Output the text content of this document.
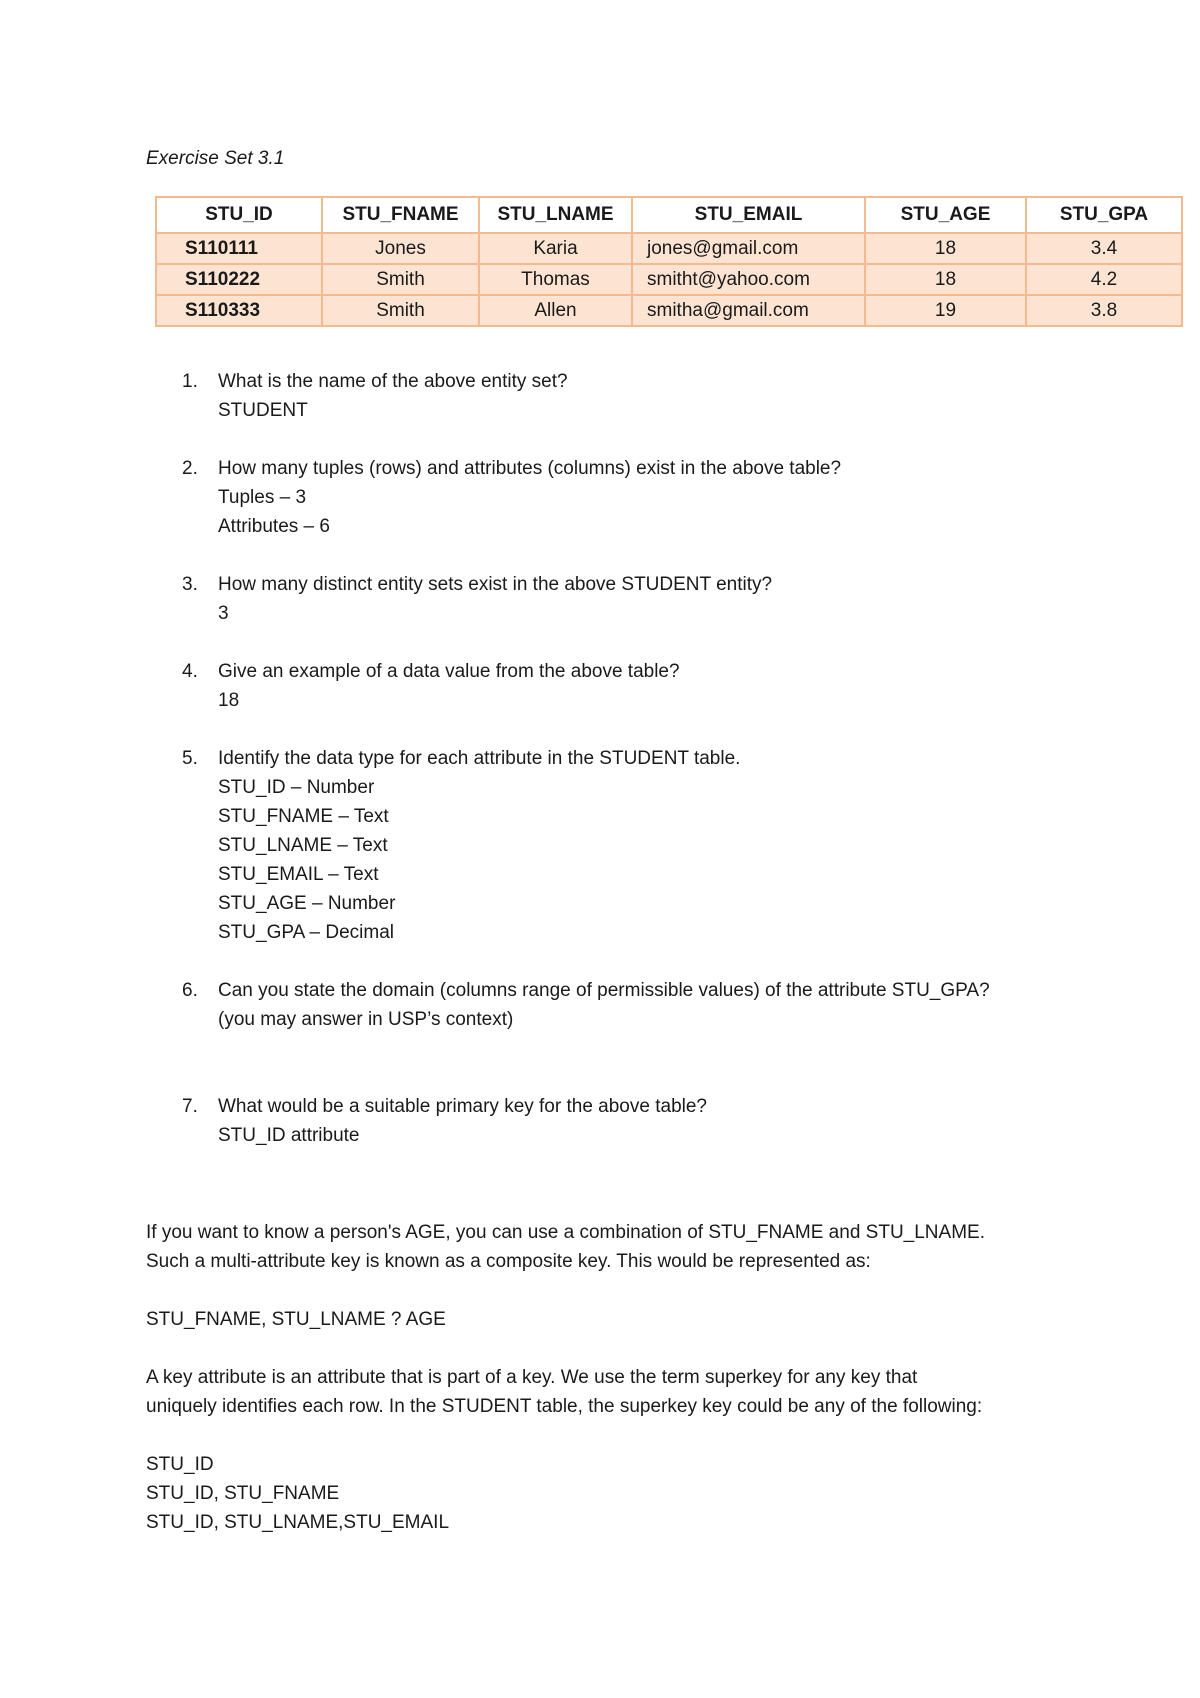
Exercise Set 3.1
STU_ID	STU_FNAME	STU_LNAME	STU_EMAIL	STU_AGE	STU_GPA
S110111	Jones	Karia	jones@gmail.com	18	3.4
S110222	Smith	Thomas	smitht@yahoo.com	18	4.2
S110333	Smith	Allen	smitha@gmail.com	19	3.8
1. What is the name of the above entity set?
STUDENT
2. How many tuples (rows) and attributes (columns) exist in the above table?
Tuples – 3
Attributes – 6
3. How many distinct entity sets exist in the above STUDENT entity?
3
4. Give an example of a data value from the above table?
18
5. Identify the data type for each attribute in the STUDENT table.
STU_ID – Number
STU_FNAME – Text
STU_LNAME – Text
STU_EMAIL – Text
STU_AGE – Number
STU_GPA – Decimal
6. Can you state the domain (columns range of permissible values) of the attribute STU_GPA?
(you may answer in USP’s context)
7. What would be a suitable primary key for the above table?
STU_ID attribute

If you want to know a person's AGE, you can use a combination of STU_FNAME and STU_LNAME.
Such a multi-attribute key is known as a composite key. This would be represented as:

STU_FNAME, STU_LNAME ? AGE

A key attribute is an attribute that is part of a key. We use the term superkey for any key that
uniquely identifies each row. In the STUDENT table, the superkey key could be any of the following:

STU_ID
STU_ID, STU_FNAME
STU_ID, STU_LNAME,STU_EMAIL
